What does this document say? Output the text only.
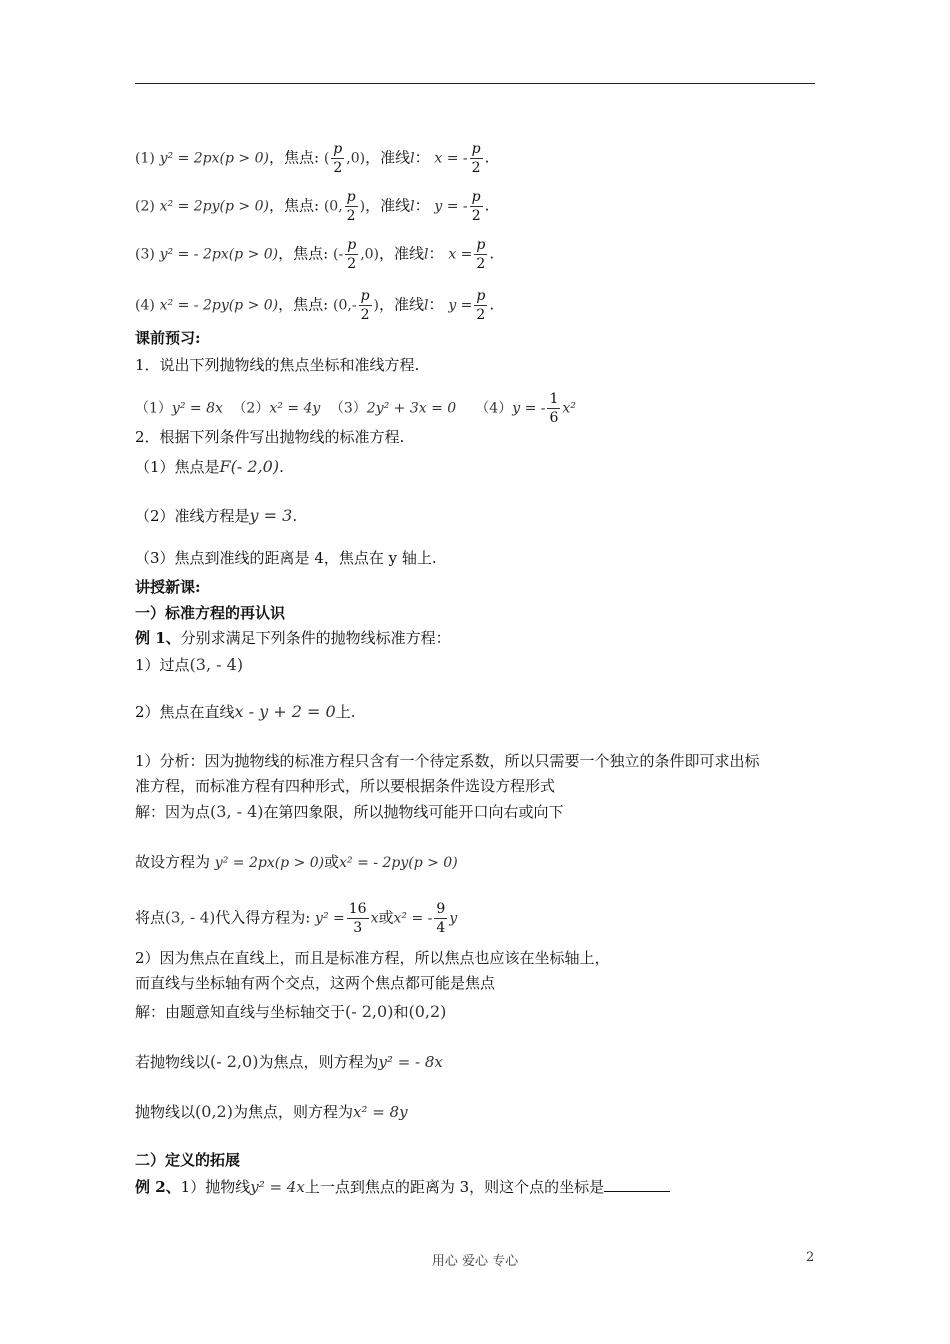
(1) y² = 2px(p > 0)，焦点: ( $\frac{p}{2} ,0$)，准线l： x = - $\frac{p}{2}$ .
(2) x² = 2py(p > 0)，焦点: (0, $\frac{p}{2}$ )，准线l： y = - $\frac{p}{2}$ .
(3) y² = - 2px(p > 0)，焦点: (- $\frac{p}{2} ,0$)，准线l： $x = \frac{p}{2}$ .
(4) x² = - 2py(p > 0)，焦点: ($0,- \frac{p}{2}$ )，准线l： $y = \frac{p}{2}$ .
课前预习:
1．说出下列抛物线的焦点坐标和准线方程.
（1）y² = 8x （2）x² = 4y （3）2y² + 3x = 0 （4）y = - $\frac{1}{6} x^2$
2．根据下列条件写出抛物线的标准方程.
（1）焦点是F(- 2,0).
（2）准线方程是y = 3.
（3）焦点到准线的距离是 4，焦点在 y 轴上.
讲授新课:
一）标准方程的再认识
例 1、分别求满足下列条件的抛物线标准方程：
1）过点(3, - 4)
2）焦点在直线x - y + 2 = 0上.
1）分析：因为抛物线的标准方程只含有一个待定系数，所以只需要一个独立的条件即可求出标
准方程，而标准方程有四种形式，所以要根据条件选设方程形式
解：因为点(3, - 4)在第四象限，所以抛物线可能开口向右或向下
故设方程为 y² = 2px(p > 0)或x² = - 2py(p > 0)
将点(3, - 4)代入得方程为: $y^2 = \frac{16}{3}$ x或x² = - $\frac{9}{4}$ y
2）因为焦点在直线上，而且是标准方程，所以焦点也应该在坐标轴上，
而直线与坐标轴有两个交点，这两个焦点都可能是焦点
解：由题意知直线与坐标轴交于(- 2,0)和(0,2)
若抛物线以(- 2,0)为焦点，则方程为y² = - 8x
抛物线以(0,2)为焦点，则方程为x² = 8y
二）定义的拓展
例 2、1）抛物线y² = 4x上一点到焦点的距离为 3，则这个点的坐标是
用心 爱心 专心	2
